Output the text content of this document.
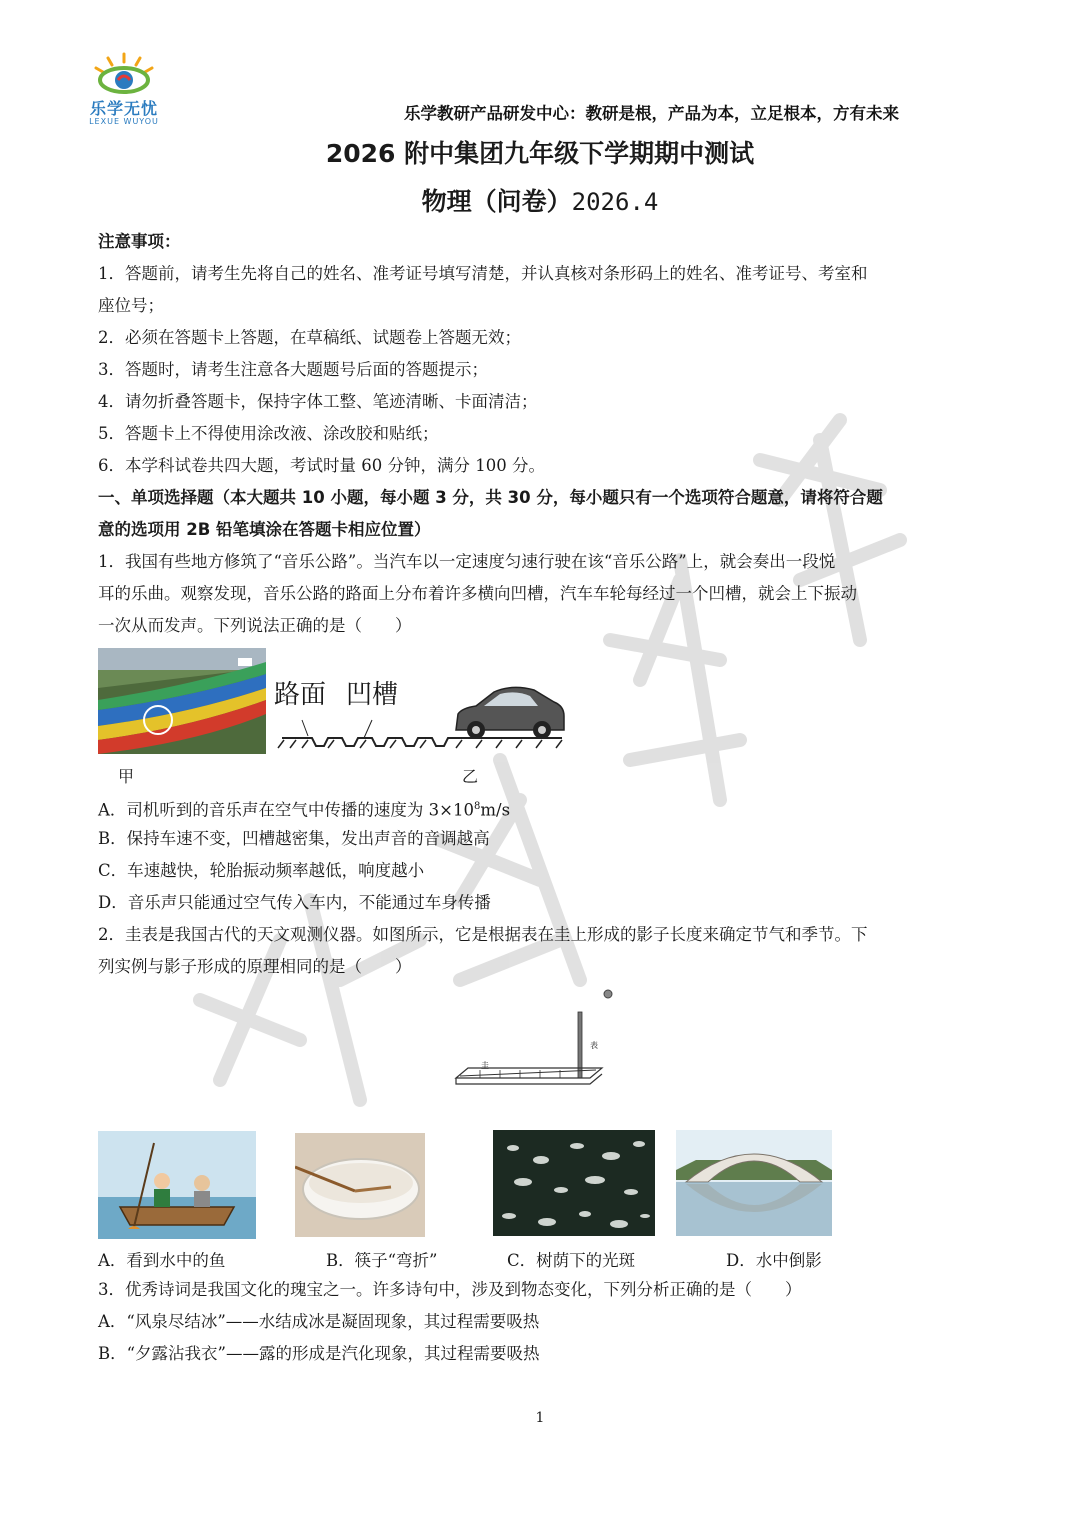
乐学无忧
LEXUE WUYOU	乐学教研产品研发中心：教研是根，产品为本，立足根本，方有未来
2026 附中集团九年级下学期期中测试
物理（问卷）2026.4
注意事项：
1．答题前，请考生先将自己的姓名、准考证号填写清楚，并认真核对条形码上的姓名、准考证号、考室和
座位号；
2．必须在答题卡上答题，在草稿纸、试题卷上答题无效；
3．答题时，请考生注意各大题题号后面的答题提示；
4．请勿折叠答题卡，保持字体工整、笔迹清晰、卡面清洁；
5．答题卡上不得使用涂改液、涂改胶和贴纸；
6．本学科试卷共四大题，考试时量 60 分钟，满分 100 分。
一、单项选择题（本大题共 10 小题，每小题 3 分，共 30 分，每小题只有一个选项符合题意，请将符合题
意的选项用 2B 铅笔填涂在答题卡相应位置）
1．我国有些地方修筑了“音乐公路”。当汽车以一定速度匀速行驶在该“音乐公路”上，就会奏出一段悦
耳的乐曲。观察发现，音乐公路的路面上分布着许多横向凹槽，汽车车轮每经过一个凹槽，就会上下振动
一次从而发声。下列说法正确的是（　　）
甲
路面 凹槽
乙
A．司机听到的音乐声在空气中传播的速度为 $3\times 10^8m/s$
B．保持车速不变，凹槽越密集，发出声音的音调越高
C．车速越快，轮胎振动频率越低，响度越小
D．音乐声只能通过空气传入车内，不能通过车身传播
2．圭表是我国古代的天文观测仪器。如图所示，它是根据表在圭上形成的影子长度来确定节气和季节。下
列实例与影子形成的原理相同的是（　　）
圭
表
A．看到水中的鱼	B．筷子“弯折”	C．树荫下的光斑	D．水中倒影
3．优秀诗词是我国文化的瑰宝之一。许多诗句中，涉及到物态变化，下列分析正确的是（　　）
A．“风泉尽结冰”——水结成冰是凝固现象，其过程需要吸热
B．“夕露沾我衣”——露的形成是汽化现象，其过程需要吸热
1
